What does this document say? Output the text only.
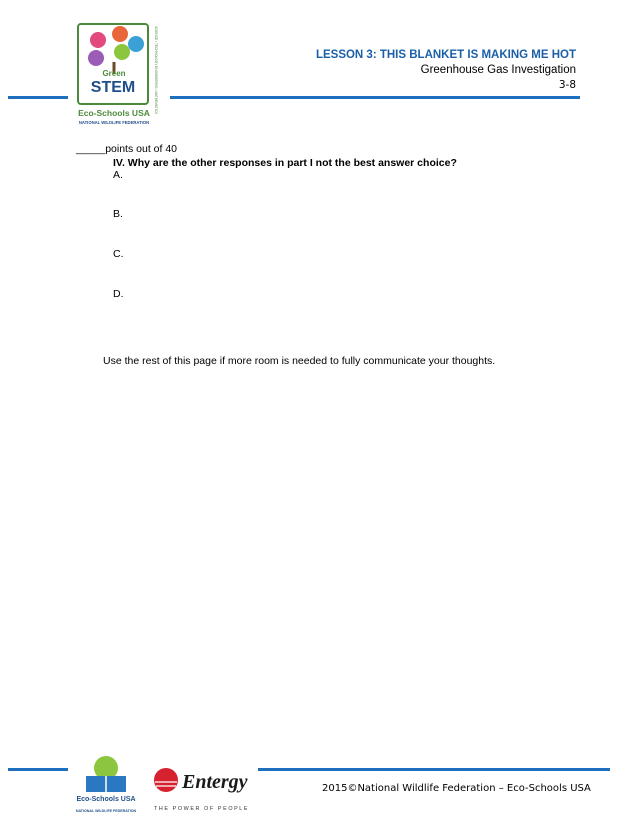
Green
STEM	SCIENCE • TECHNOLOGY ENGINEERING • MATHEMATICS
Eco-Schools USA
NATIONAL WILDLIFE FEDERATION
LESSON 3: THIS BLANKET IS MAKING ME HOT
Greenhouse Gas Investigation
3-8
_____points out of 40
IV. Why are the other responses in part I not the best answer choice?
A.
B.
C.
D.
Use the rest of this page if more room is needed to fully communicate your thoughts.
Eco-Schools USA
NATIONAL WILDLIFE FEDERATION
Entergy
THE POWER OF PEOPLE
2015©National Wildlife Federation – Eco-Schools USA
